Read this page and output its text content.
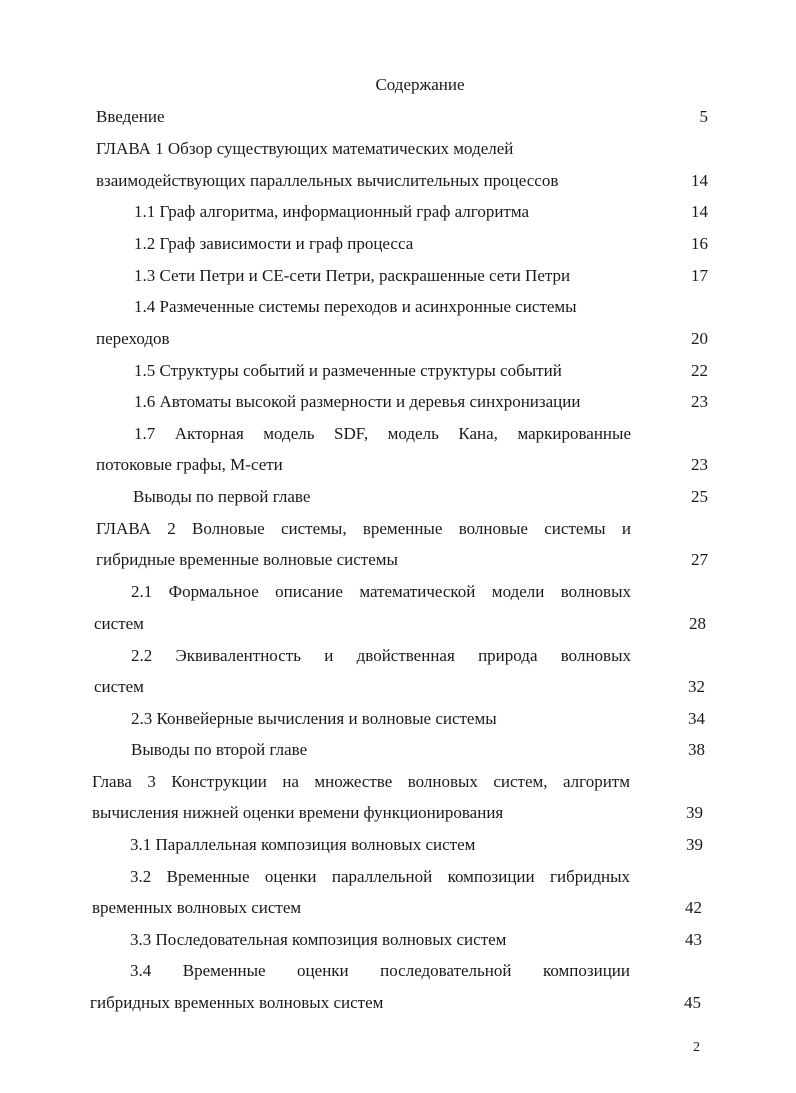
Содержание
Введение	5
ГЛАВА 1 Обзор существующих математических моделей
взаимодействующих параллельных вычислительных процессов	14
1.1 Граф алгоритма, информационный граф алгоритма	14
1.2 Граф зависимости и граф процесса	16
1.3 Сети Петри и СЕ-сети Петри, раскрашенные сети Петри	17
1.4 Размеченные системы переходов и асинхронные системы
переходов	20
1.5 Структуры событий и размеченные структуры событий	22
1.6 Автоматы высокой размерности и деревья синхронизации	23
1.7 Акторная модель SDF, модель Кана, маркированные
потоковые графы, М-сети	23
Выводы по первой главе	25
ГЛАВА 2 Волновые системы, временные волновые системы и
гибридные временные волновые системы	27
2.1 Формальное описание математической модели волновых
систем	28
2.2 Эквивалентность и двойственная природа волновых
систем	32
2.3 Конвейерные вычисления и волновые системы	34
Выводы по второй главе	38
Глава 3 Конструкции на множестве волновых систем, алгоритм
вычисления нижней оценки времени функционирования	39
3.1 Параллельная композиция волновых систем	39
3.2 Временные оценки параллельной композиции гибридных
временных волновых систем	42
3.3 Последовательная композиция волновых систем	43
3.4 Временные оценки последовательной композиции
гибридных временных волновых систем	45
2
